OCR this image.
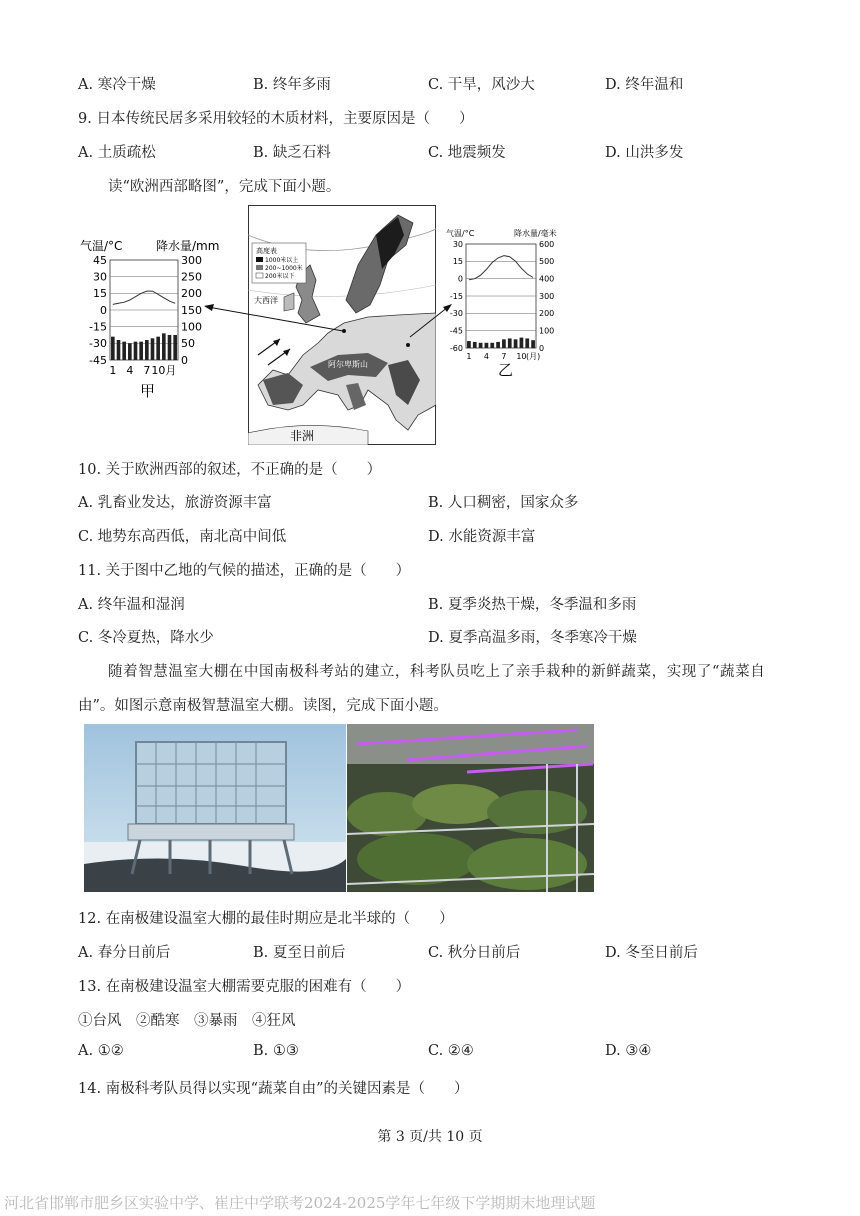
A. 寒冷干燥	B. 终年多雨	C. 干旱，风沙大	D. 终年温和
9. 日本传统民居多采用较轻的木质材料，主要原因是（　　）
A. 土质疏松	B. 缺乏石料	C. 地震频发	D. 山洪多发
读“欧洲西部略图”，完成下面小题。
气温/°C	降水量/mm
45	300
30	250
15	200
0	150
-15	100
-30	50
-45	0
1 4 7 10月
甲
高度表
1000米以上
200~1000米
200米以下
大西洋
阿尔卑斯山
非洲
气温/°C	降水量/毫米
30	600
15	500
0	400
-15	300
-30	200
-45	100
-60	0
1 4 7 10 (月)
乙
10. 关于欧洲西部的叙述，不正确的是（　　）
A. 乳畜业发达，旅游资源丰富	B. 人口稠密，国家众多
C. 地势东高西低，南北高中间低	D. 水能资源丰富
11. 关于图中乙地的气候的描述，正确的是（　　）
A. 终年温和湿润	B. 夏季炎热干燥，冬季温和多雨
C. 冬冷夏热，降水少	D. 夏季高温多雨，冬季寒冷干燥
随着智慧温室大棚在中国南极科考站的建立，科考队员吃上了亲手栽种的新鲜蔬菜，实现了“蔬菜自
由”。如图示意南极智慧温室大棚。读图，完成下面小题。
12. 在南极建设温室大棚的最佳时期应是北半球的（　　）
A. 春分日前后	B. 夏至日前后	C. 秋分日前后	D. 冬至日前后
13. 在南极建设温室大棚需要克服的困难有（　　）
①台风　②酷寒　③暴雨　④狂风
A. ①②	B. ①③	C. ②④	D. ③④
14. 南极科考队员得以实现“蔬菜自由”的关键因素是（　　）
第 3 页/共 10 页
河北省邯郸市肥乡区实验中学、崔庄中学联考2024-2025学年七年级下学期期末地理试题
